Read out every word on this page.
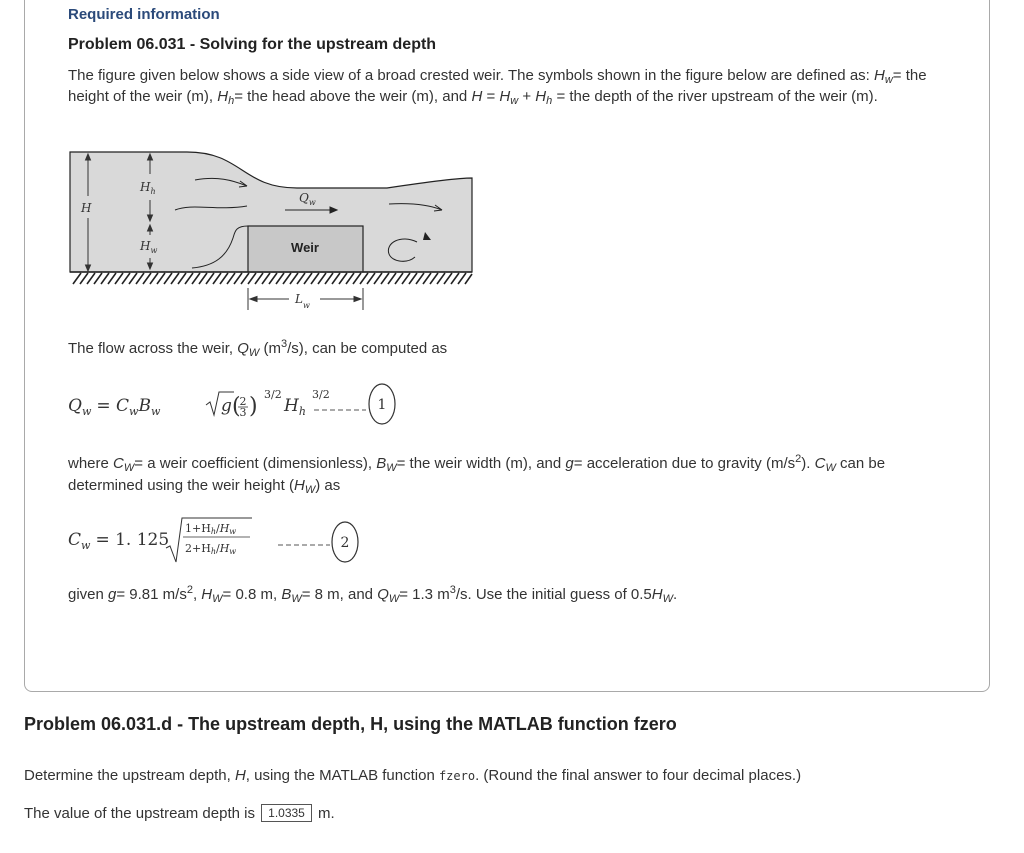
Required information
Problem 06.031 - Solving for the upstream depth
The figure given below shows a side view of a broad crested weir. The symbols shown in the figure below are defined as: $H_w=$ the height of the weir (m), $H_h=$ the head above the weir (m), and $H = H_w + H_h$ = the depth of the river upstream of the weir (m).
H
$H_h$
$H_w$
$Q_w$
Weir
$L_w$
The flow across the weir, $Q_W$ $(m^3/s)$, can be computed as
$Q_w = C_wB_w$	g (
2
3 ) 3/2
$H_h$
3/2
1
where $C_W= a$ weir coefficient (dimensionless), $B_W=$ the weir width (m), and g= acceleration due to gravity $(m/s^2)$. $C_W$ can be determined using the weir height $(H_W)$ as
$C_w = 1$. 125
1+Hh/Hw
2+Hh/Hw
2
given g= 9.81 $m/s^2$, $H_W= 0.8$ m, $B_W= 8$ m, and $Q_W= 1.3$ $m^3/s$. Use the initial guess of $0.5H_W$.
Problem 06.031.d - The upstream depth, H, using the MATLAB function fzero
Determine the upstream depth, H, using the MATLAB function fzero. (Round the final answer to four decimal places.)
The value of the upstream depth is 1.0335 m.
